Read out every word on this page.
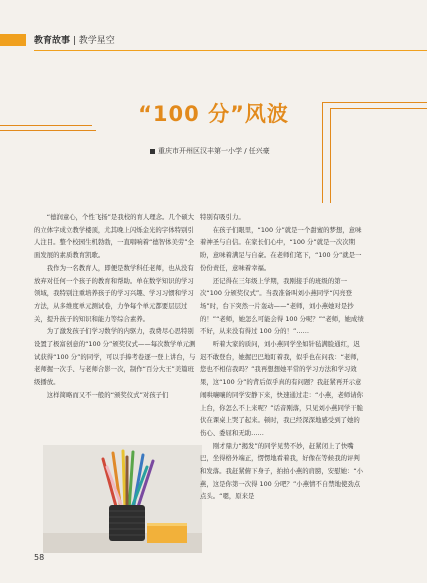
教育故事 | 教学星空
“100 分”风波
重庆市开州区汉丰第一小学 / 任兴豪

“德润童心，个性飞扬”是我校的育人理念。几个硕大的立体字成立教学楼顶，尤其晚上闪烁金光的字体特别引人注目。整个校园生机勃勃，一直唱响着“德智体美劳”全面发展的素质教育凯歌。

我作为一名教育人，即便是数学科任老师，也从没有放弃对任何一个孩子的教育和帮助。单在数学知识的学习领域，我特别注重培养孩子的学习兴趣、学习习惯和学习方法，从多维度单元测试卷，力争每个单元都要层层过关，提升孩子的知识和能力等综合素养。

为了激发孩子们学习数学的内驱力，我费尽心思特别设置了极富创意的“100 分”颁奖仪式——每次数学单元测试获得“100 分”的同学，可以手捧考卷逐一登上讲台，与老师握一次手、与老师合影一次，制作“百分大王”美篇班级播放。

这样简略而又不一般的“颁奖仪式”对孩子们

特别有吸引力。

在孩子们眼里，“100 分”就是一个甜蜜的梦想，意味着神圣与自信。在家长们心中，“100 分”就是一次次期盼，意味着满足与自豪。在老师们笔下，“100 分”就是一份份责任，意味着幸福。

还记得在三年级上学期，我刚接手的班级的第一次“100 分颁奖仪式”。当我准备叫刘小燕同学“闪亮登场”时，台下突然一片轰动——“老师，刘小燕她对是抄的！”“老师，她怎么可能会得 100 分呢？”“老师，她成绩不好，从来没有得过 100 分的！”……

听着大家的质问，刘小燕同学坐如针毡满脸通红，迟迟不敢登台，她握巴巴地盯着我，似乎也在问我：“老师，您也不相信我吗？”我再想想她平常的学习方法和学习效果，这“100 分”的背后似乎真的有问题？我赶紧再开示意闹哄嚷嚷的同学安静下来，快速通过走：“小燕，老师请你上台，你怎么不上来呢？”话音刚落，只见刘小燕同学干脆伏在课桌上哭了起来。顿时，我已经深深地感受到了她的伤心、委屈和无助……

刚才鼎力“揭发”的同学见势不妙，赶紧闭上了快嘴巴，坐得格外端正，愣愣地看着我，好像在等候我的评判和发落。我赶紧俯下身子，拍拍小燕的肩膀，安慰她：“小燕，这是你第一次得 100 分吧？”小燕情不自禁地使劲点点头。“嗯，原来是

58
